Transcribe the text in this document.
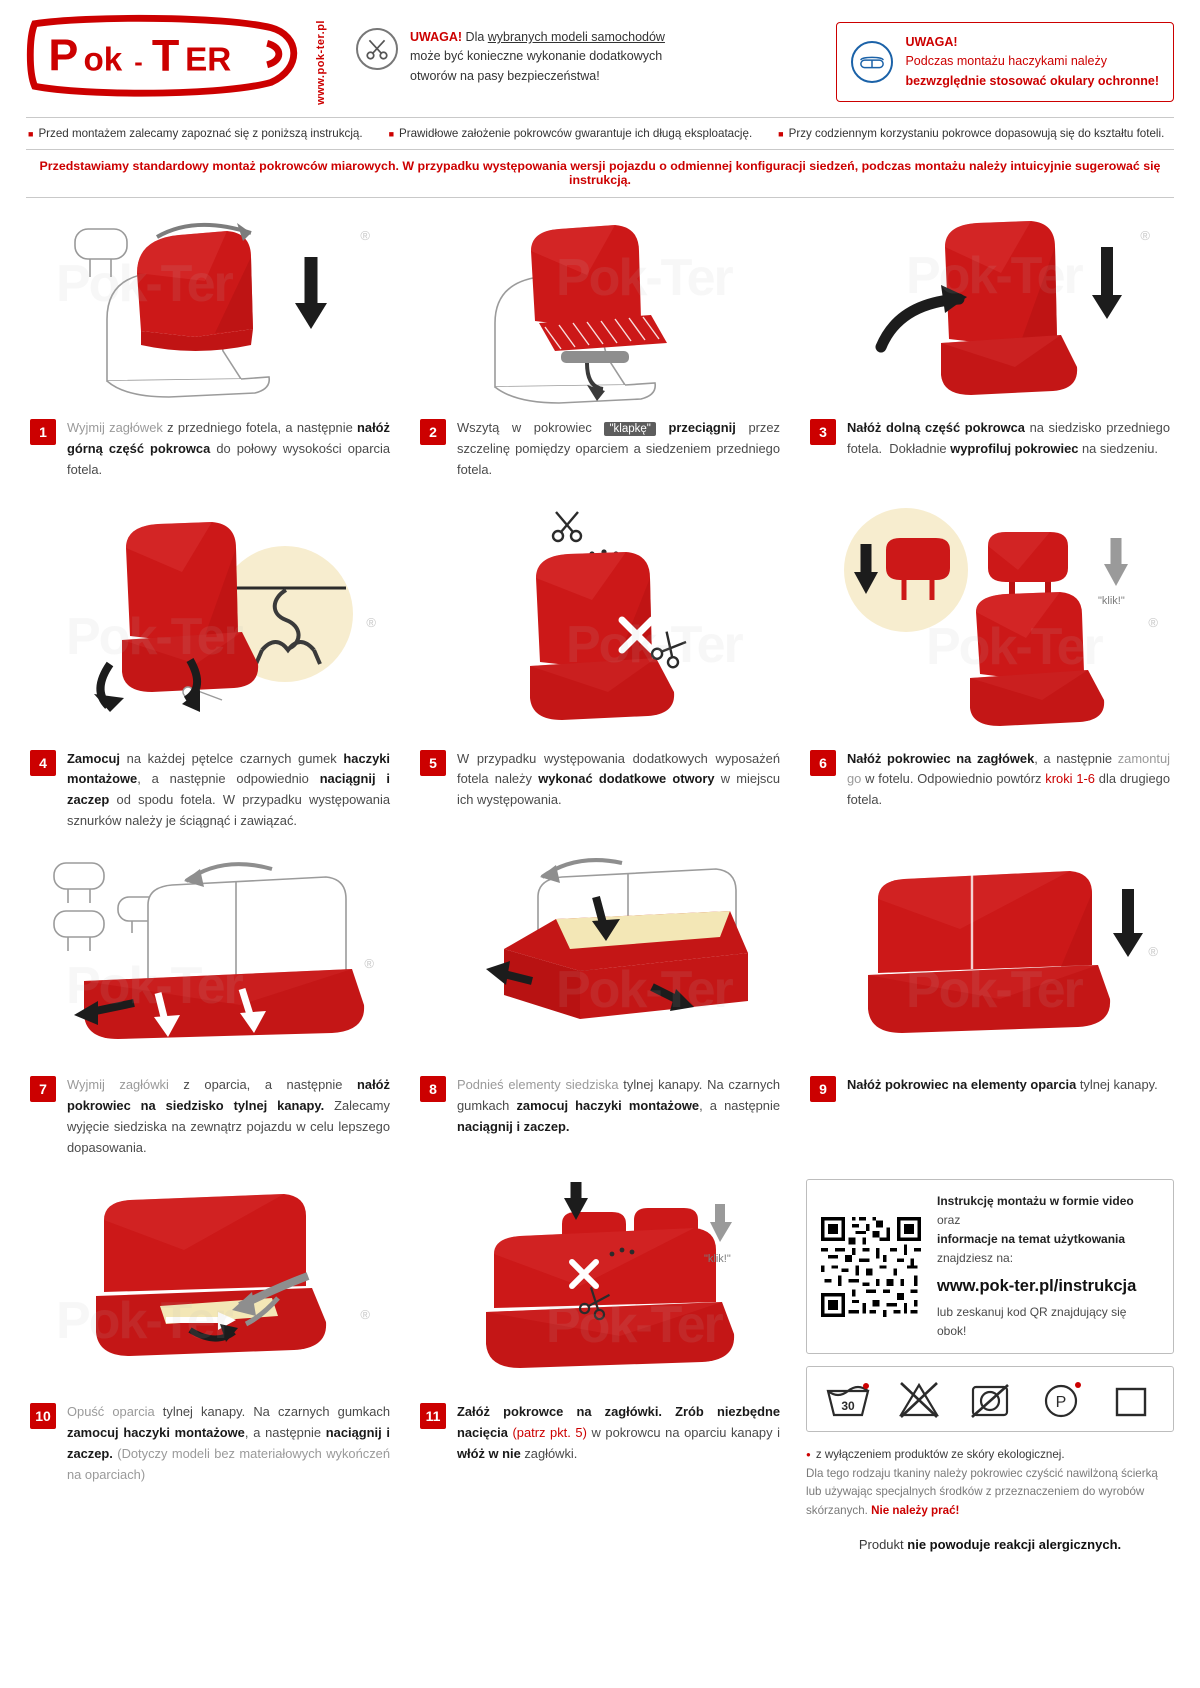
P ok - T ER	www.pok-ter.pl	UWAGA! Dla wybranych modeli samochodów może być konieczne wykonanie dodatkowych otworów na pasy bezpieczeństwa!
UWAGA!
Podczas montażu haczykami należy

bezwzględnie stosować okulary ochronne!
■ Przed montażem zalecamy zapoznać się z poniższą instrukcją.	■ Prawidłowe założenie pokrowców gwarantuje ich długą eksploatację.	■ Przy codziennym korzystaniu pokrowce dopasowują się do kształtu foteli.
Przedstawiamy standardowy montaż pokrowców miarowych. W przypadku występowania wersji pojazdu o odmiennej konfiguracji siedzeń, podczas montażu należy intuicyjnie sugerować się instrukcją.
®
1	Wyjmij zagłówek z przedniego fotela, a następnie nałóż górną część pokrowca do połowy wysokości oparcia fotela.
Pok-Ter
2	Wszytą w pokrowiec "klapkę" przeciągnij przez szczelinę pomiędzy oparciem a siedzeniem przedniego fotela.
®
3	Nałóż dolną część pokrowca na siedzisko przedniego fotela.  Dokładnie wyprofiluj pokrowiec na siedzeniu.
®
4	Zamocuj na każdej pętelce czarnych gumek haczyki montażowe, a następnie odpowiednio naciągnij i zaczep od spodu fotela. W przypadku występowania sznurków należy je ściągnąć i zawiązać.
Pok-Ter
5	W przypadku występowania dodatkowych wyposażeń fotela należy wykonać dodatkowe otwory w miejscu ich występowania.
®
"klik!"
6	Nałóż pokrowiec na zagłówek, a następnie zamontuj go w fotelu. Odpowiednio powtórz kroki 1-6 dla drugiego fotela.
®
7	Wyjmij zagłówki z oparcia, a następnie nałóż pokrowiec na siedzisko tylnej kanapy. Zalecamy wyjęcie siedziska na zewnątrz pojazdu w celu lepszego dopasowania.
8	Podnieś elementy siedziska tylnej kanapy. Na czarnych gumkach zamocuj haczyki montażowe, a następnie naciągnij i zaczep.
®
9	Nałóż pokrowiec na elementy oparcia tylnej kanapy.
®
10	Opuść oparcia tylnej kanapy. Na czarnych gumkach zamocuj haczyki montażowe, a następnie naciągnij i zaczep. (Dotyczy modeli bez materiałowych wykończeń na oparciach)
"klik!"
11	Załóż pokrowce na zagłówki. Zrób niezbędne nacięcia (patrz pkt. 5) w pokrowcu na oparciu kanapy i włóż w nie zagłówki.
Instrukcję montażu w formie video oraz
informacje na temat użytkowania znajdziesz na:
www.pok-ter.pl/instrukcja
lub zeskanuj kod QR znajdujący się obok!
30	P
● z wyłączeniem produktów ze skóry ekologicznej.
Dla tego rodzaju tkaniny należy pokrowiec czyścić nawilżoną ścierką lub używając specjalnych środków z przeznaczeniem do wyrobów skórzanych. Nie należy prać!
Produkt nie powoduje reakcji alergicznych.
